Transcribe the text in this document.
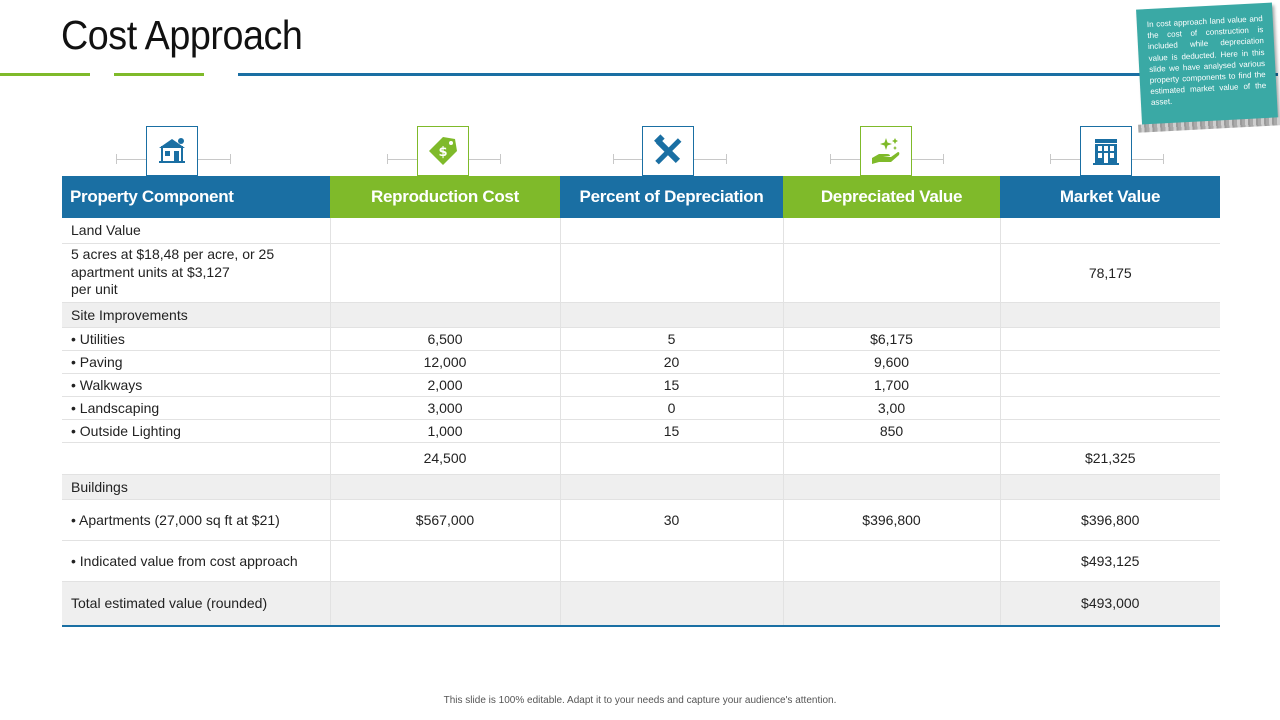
Cost Approach	In cost approach land value and the cost of construction is included while depreciation value is deducted. Here in this slide we have analysed various property components to find the estimated market value of the asset.

$
Property Component	Reproduction Cost	Percent of Depreciation	Depreciated Value	Market Value
Land Value				

5 acres at $18,48 per acre, or 25 apartment units at $3,127
per unit				78,175
Site Improvements				
• Utilities	6,500	5	$6,175	
• Paving	12,000	20	9,600	
• Walkways	2,000	15	1,700	
• Landscaping	3,000	0	3,00	
• Outside Lighting	1,000	15	850	
	24,500			$21,325
Buildings				
• Apartments (27,000 sq ft at $21)	$567,000	30	$396,800	$396,800
• Indicated value from cost approach				$493,125
Total estimated value (rounded)				$493,000
This slide is 100% editable. Adapt it to your needs and capture your audience's attention.
